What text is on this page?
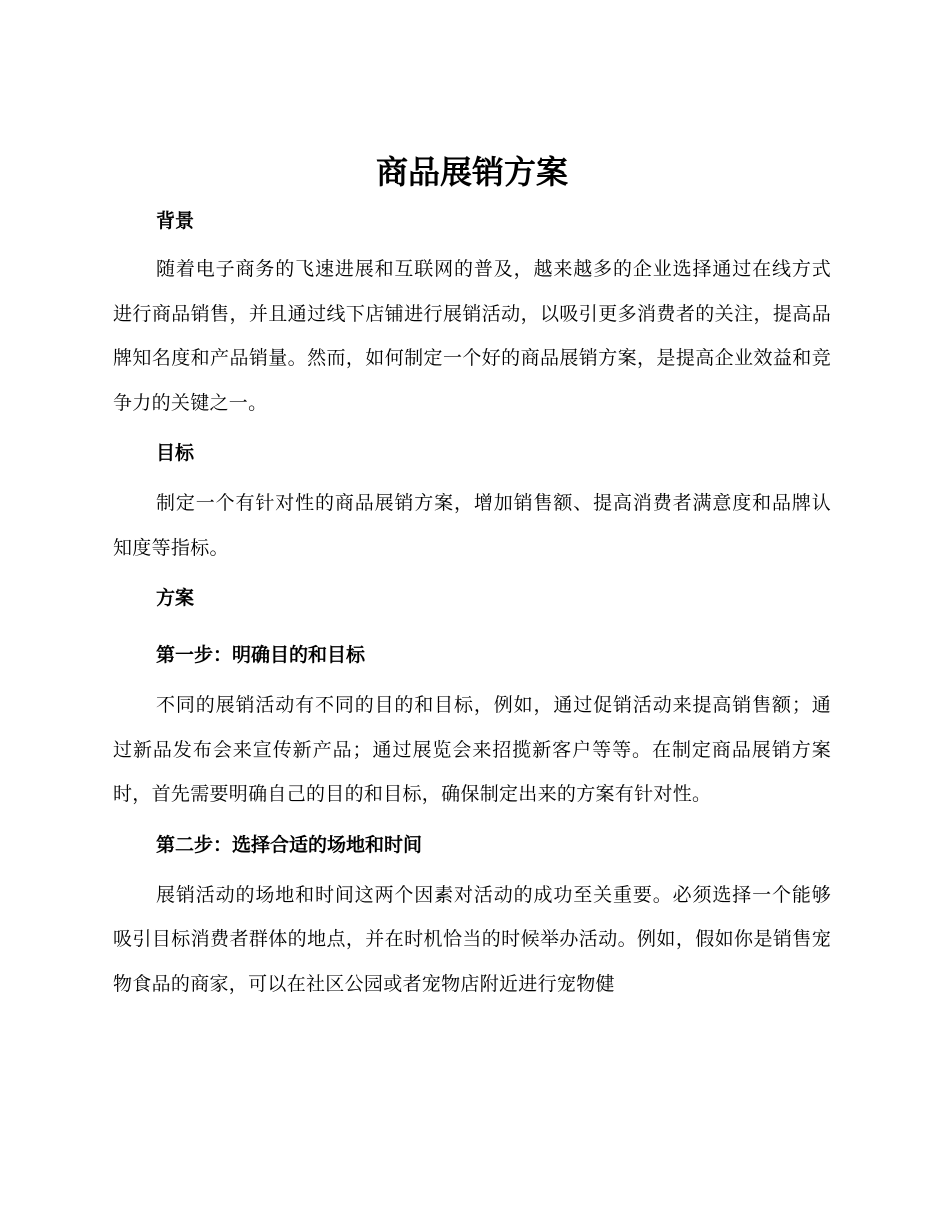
商品展销方案
背景

随着电子商务的飞速进展和互联网的普及，越来越多的企业选择通过在线方式进行商品销售，并且通过线下店铺进行展销活动，以吸引更多消费者的关注，提高品牌知名度和产品销量。然而，如何制定一个好的商品展销方案，是提高企业效益和竞争力的关键之一。

目标

制定一个有针对性的商品展销方案，增加销售额、提高消费者满意度和品牌认知度等指标。

方案
第一步：明确目的和目标

不同的展销活动有不同的目的和目标，例如，通过促销活动来提高销售额；通过新品发布会来宣传新产品；通过展览会来招揽新客户等等。在制定商品展销方案时，首先需要明确自己的目的和目标，确保制定出来的方案有针对性。

第二步：选择合适的场地和时间

展销活动的场地和时间这两个因素对活动的成功至关重要。必须选择一个能够吸引目标消费者群体的地点，并在时机恰当的时候举办活动。例如，假如你是销售宠物食品的商家，可以在社区公园或者宠物店附近进行宠物健
